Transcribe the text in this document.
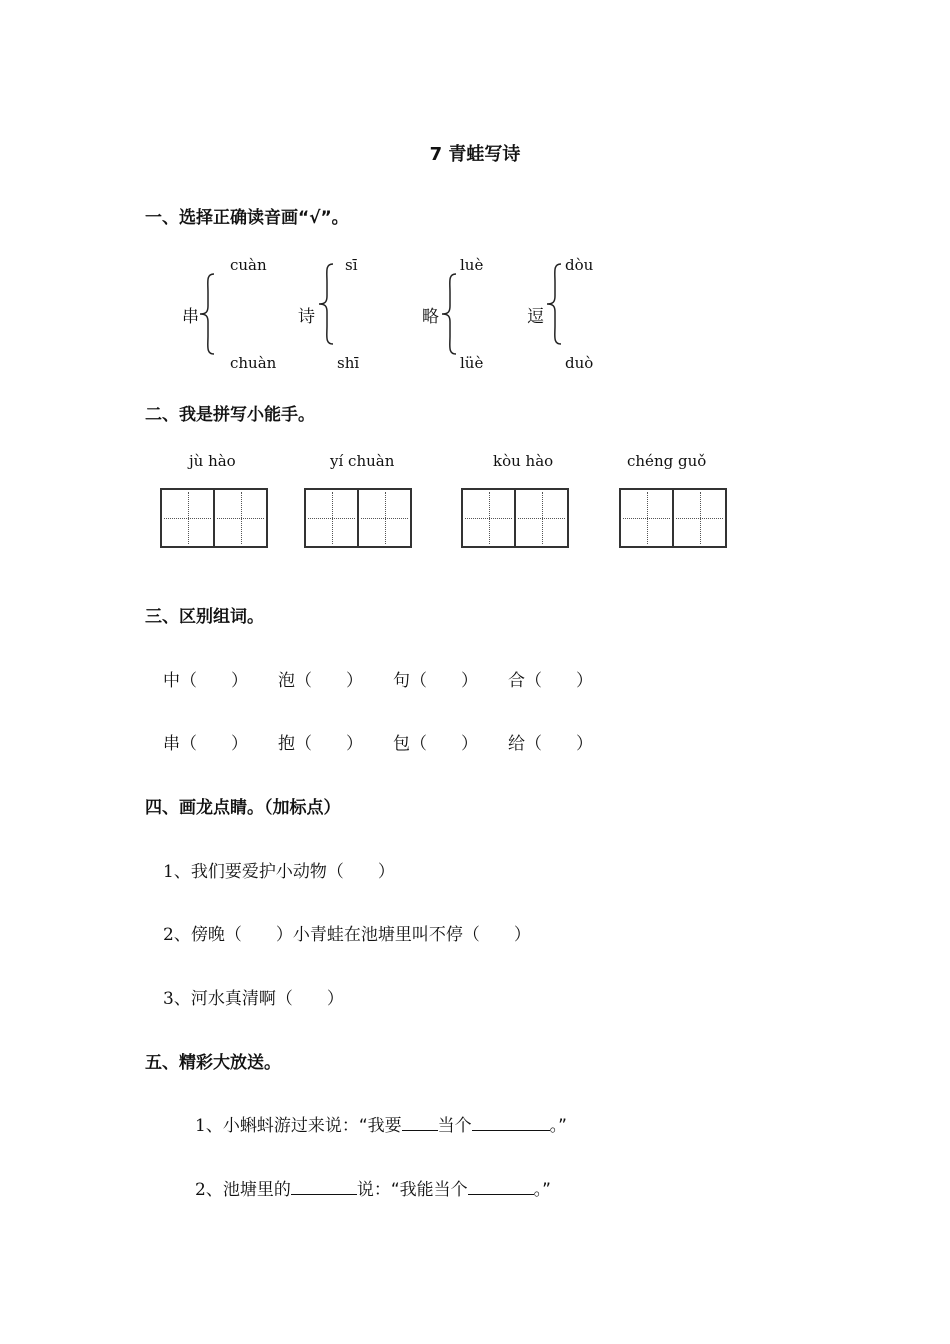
7 青蛙写诗
一、选择正确读音画“√”。
cuàn
串
chuàn
sī
诗
shī
luè
略
lüè
dòu
逗
duò
二、我是拼写小能手。
jù hào	yí chuàn	kòu hào	chéng guǒ
三、区别组词。
中（　　） 泡（　　） 句（　　） 合（　　）
串（　　） 抱（　　） 包（　　） 给（　　）
四、画龙点睛。（加标点）
1、我们要爱护小动物（　　）
2、傍晚（　　）小青蛙在池塘里叫不停（　　）
3、河水真清啊（　　）
五、精彩大放送。
1、小蝌蚪游过来说：“我要 当个	。”
2、池塘里的	说：“我能当个	。”
